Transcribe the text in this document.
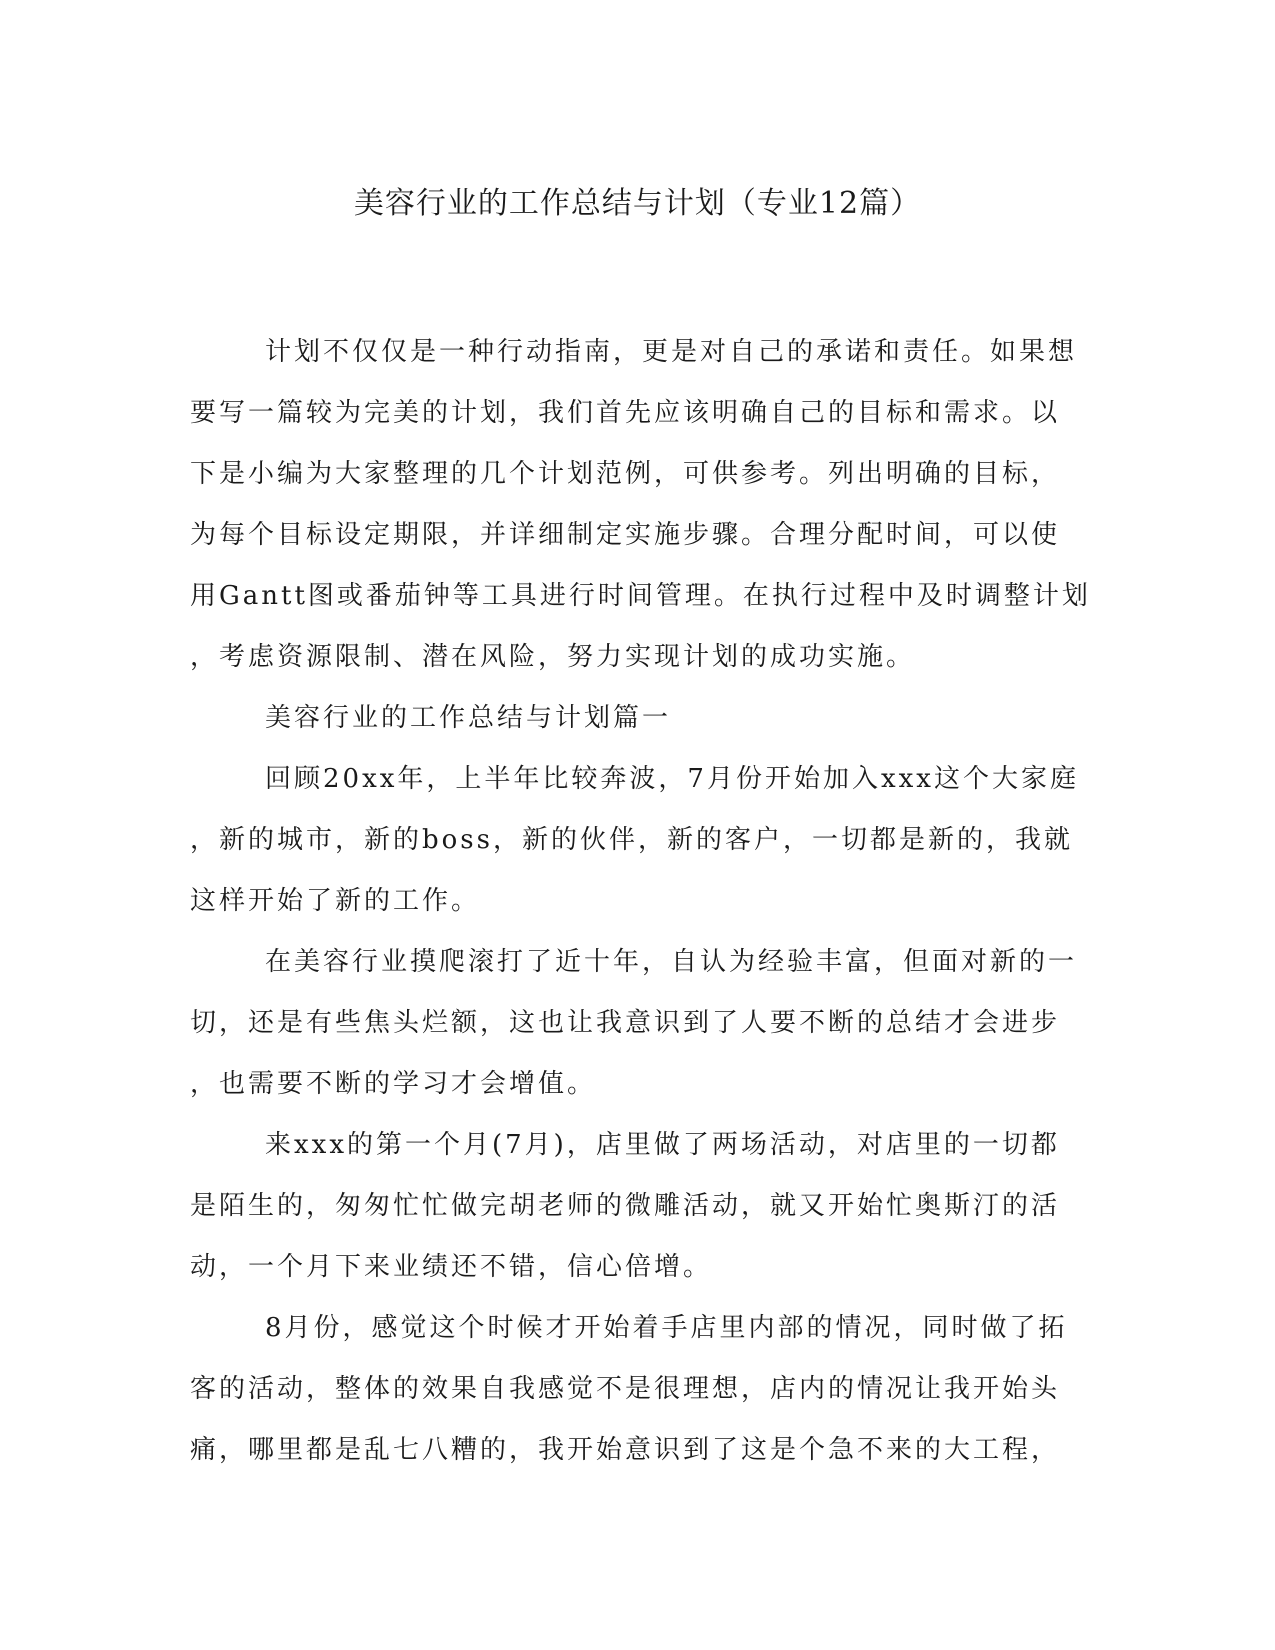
美容行业的工作总结与计划（专业12篇）
计划不仅仅是一种行动指南，更是对自己的承诺和责任。如果想
要写一篇较为完美的计划，我们首先应该明确自己的目标和需求。以
下是小编为大家整理的几个计划范例，可供参考。列出明确的目标，
为每个目标设定期限，并详细制定实施步骤。合理分配时间，可以使
用Gantt图或番茄钟等工具进行时间管理。在执行过程中及时调整计划
，考虑资源限制、潜在风险，努力实现计划的成功实施。
美容行业的工作总结与计划篇一
回顾20xx年，上半年比较奔波，7月份开始加入xxx这个大家庭
，新的城市，新的boss，新的伙伴，新的客户，一切都是新的，我就
这样开始了新的工作。
在美容行业摸爬滚打了近十年，自认为经验丰富，但面对新的一
切，还是有些焦头烂额，这也让我意识到了人要不断的总结才会进步
，也需要不断的学习才会增值。
来xxx的第一个月(7月)，店里做了两场活动，对店里的一切都
是陌生的，匆匆忙忙做完胡老师的微雕活动，就又开始忙奥斯汀的活
动，一个月下来业绩还不错，信心倍增。
8月份，感觉这个时候才开始着手店里内部的情况，同时做了拓
客的活动，整体的效果自我感觉不是很理想，店内的情况让我开始头
痛，哪里都是乱七八糟的，我开始意识到了这是个急不来的大工程，
